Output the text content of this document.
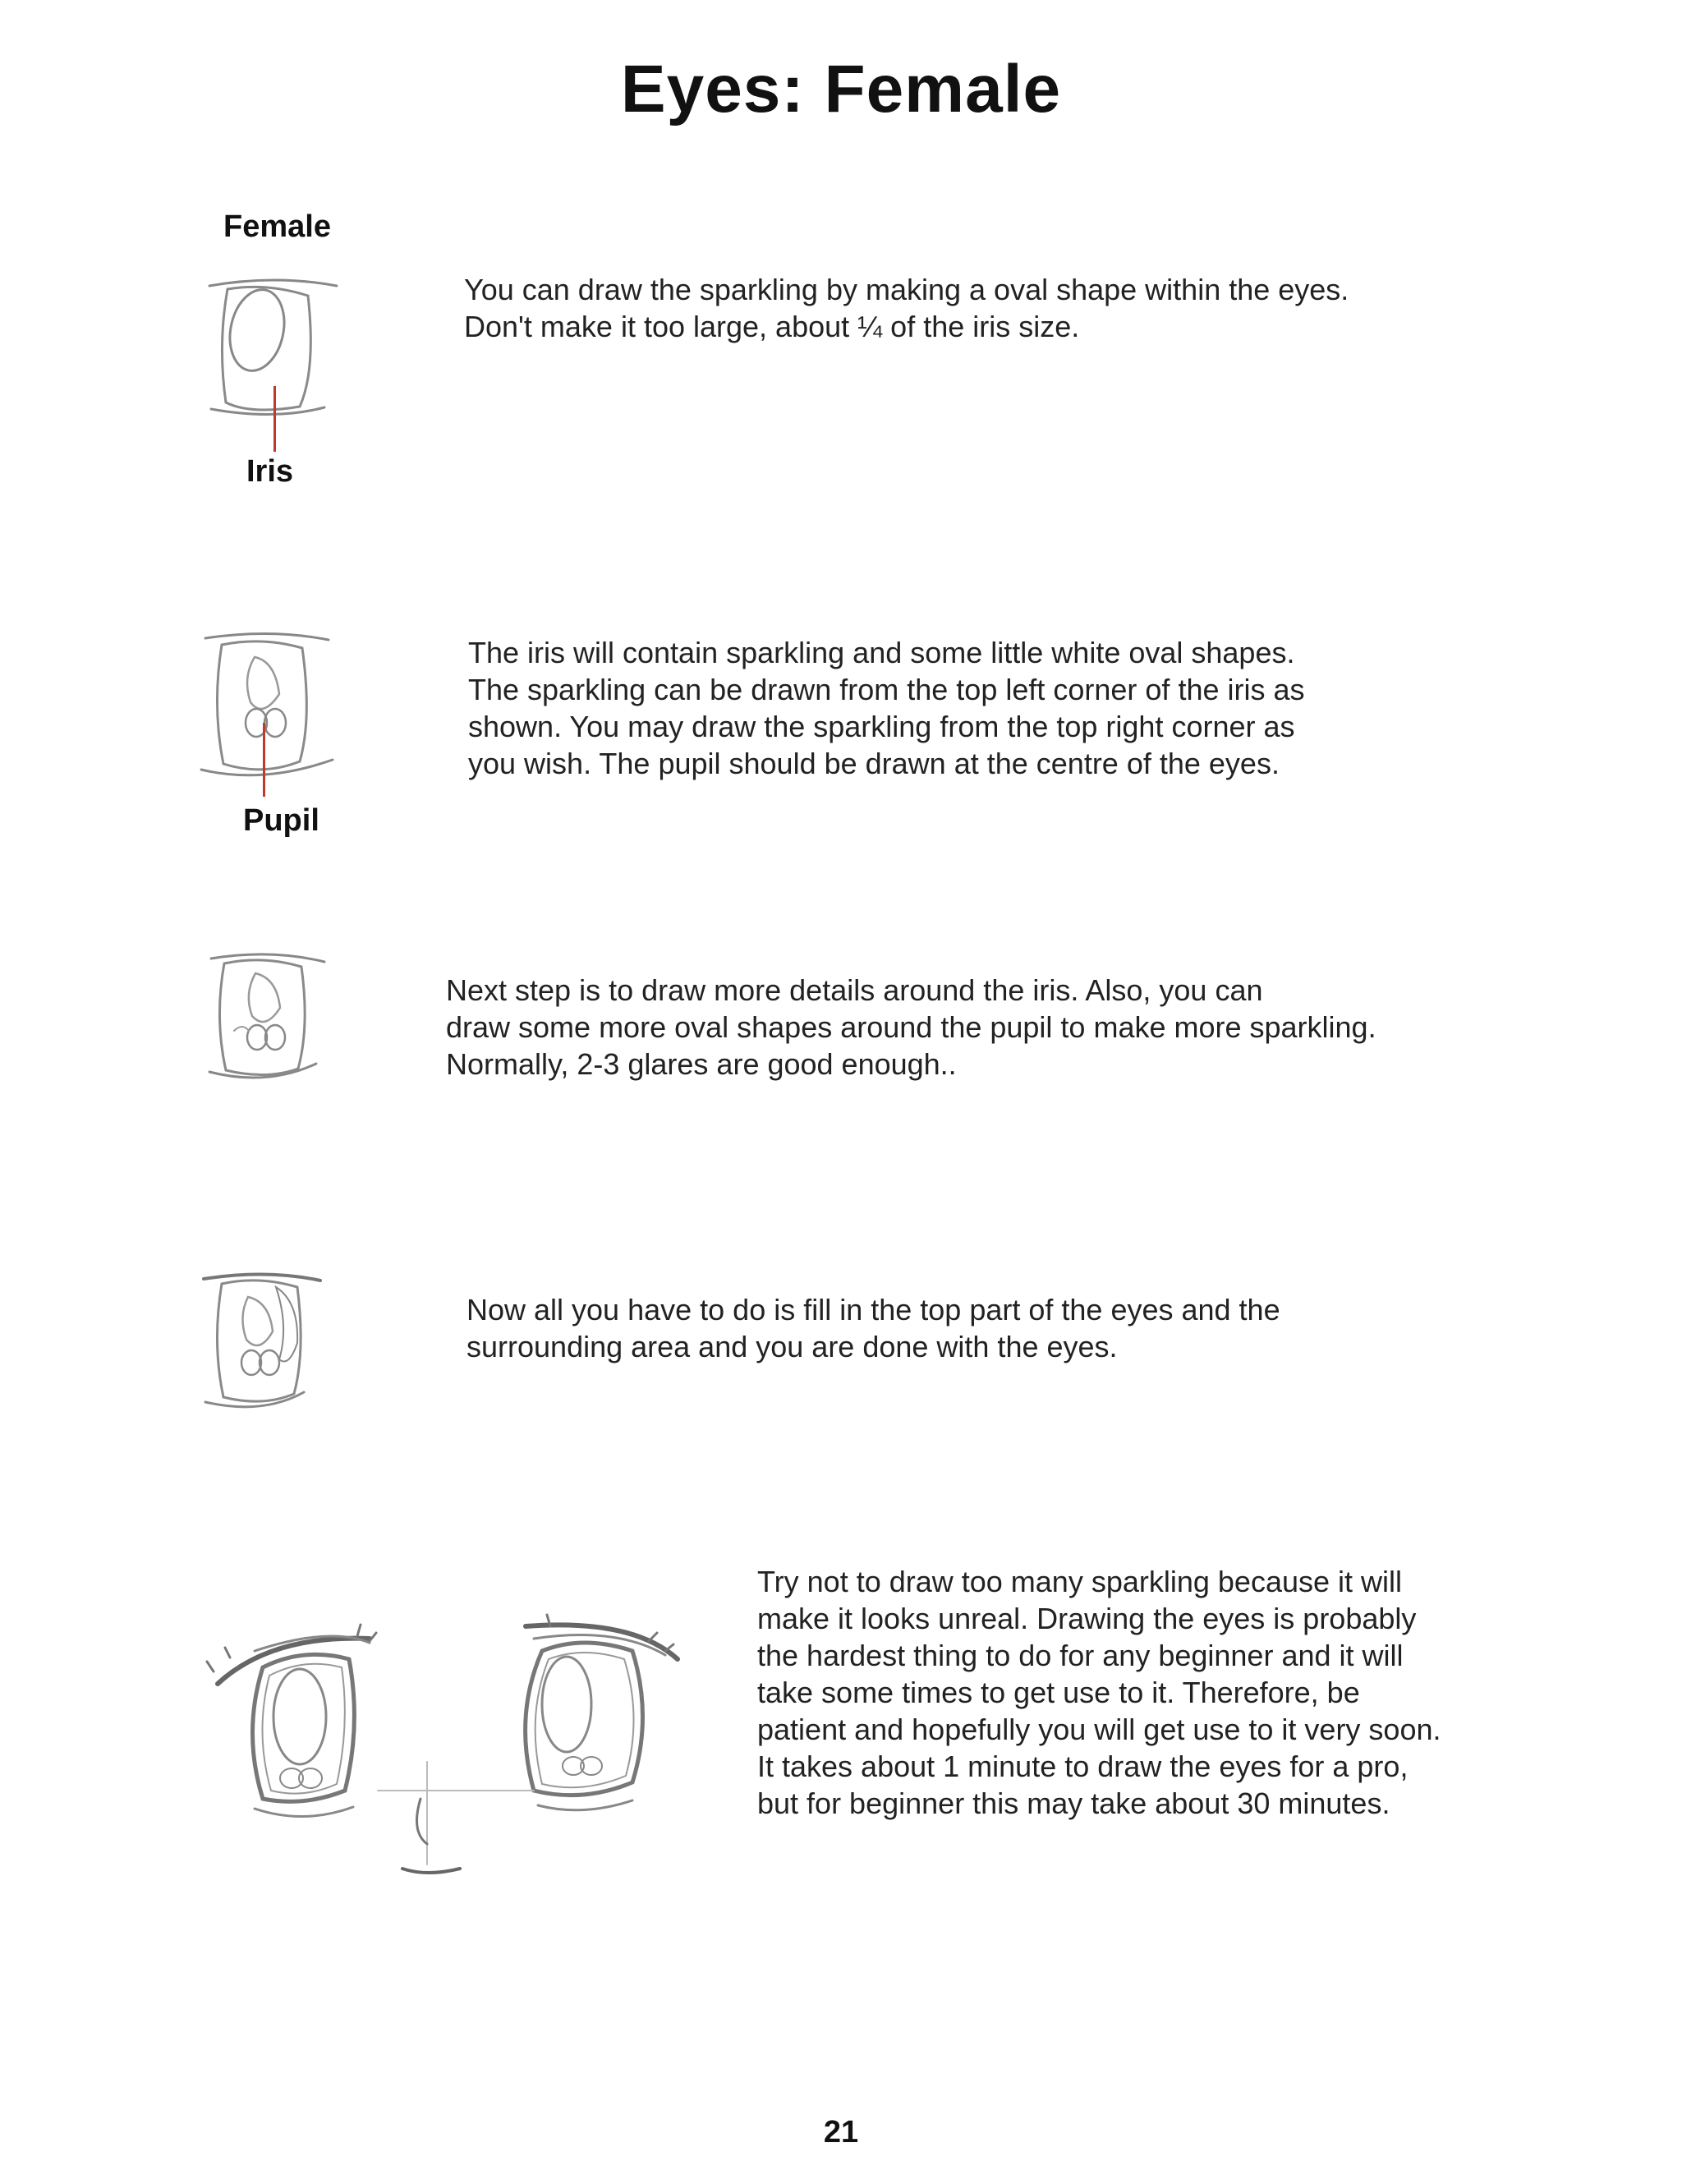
Eyes: Female
Female
Iris

You can draw the sparkling by making a oval shape within the eyes.

Don't make it too large, about ¼ of the iris size.

Pupil

The iris will contain sparkling and some little white oval shapes.

The sparkling can be drawn from the top left corner of the iris as

shown. You may draw the sparkling from the top right corner as

you wish. The pupil should be drawn at the centre of the eyes.

Next step is to draw more details around the iris. Also, you can

draw some more oval shapes around the pupil to make more sparkling.

Normally, 2-3 glares are good enough..

Now all you have to do is fill in the top part of the eyes and the

surrounding area and you are done with the eyes.

Try not to draw too many sparkling because it will

make it looks unreal. Drawing the eyes is probably

the hardest thing to do for any beginner and it will

take some times to get use to it. Therefore, be

patient and hopefully you will get use to it very soon.

It takes about 1 minute to draw the eyes for a pro,

but for beginner this may take about 30 minutes.

21
